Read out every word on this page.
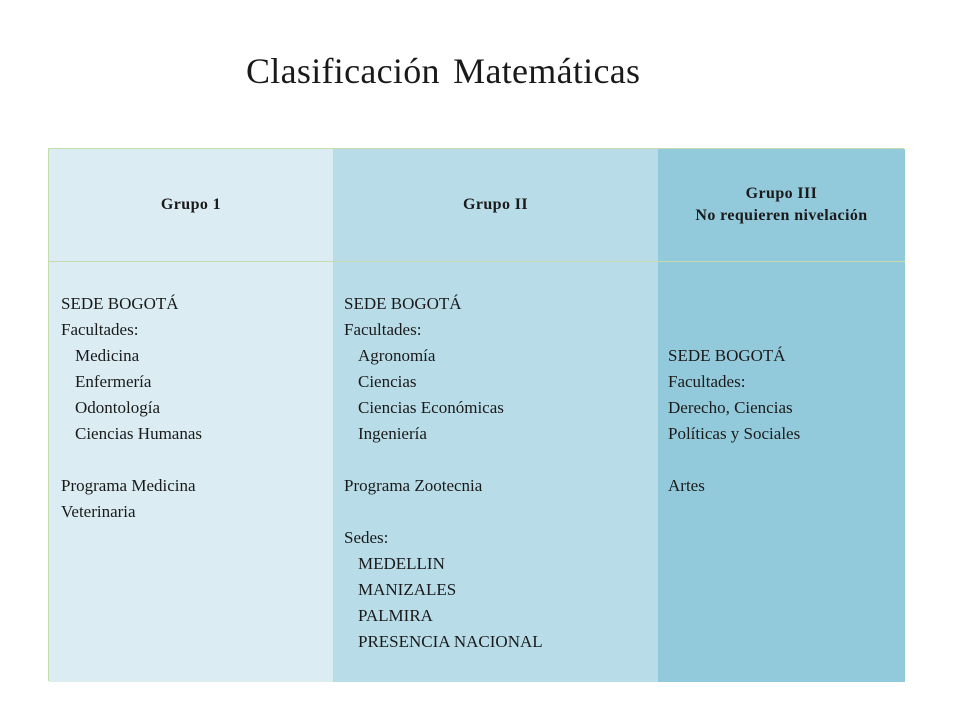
Clasificación Matemáticas
Grupo 1	Grupo II
Grupo III
No requieren nivelación
SEDE BOGOTÁ
Facultades:
Medicina
Enfermería
Odontología
Ciencias Humanas
Programa Medicina
Veterinaria
SEDE BOGOTÁ
Facultades:
Agronomía
Ciencias
Ciencias Económicas
Ingeniería
Programa Zootecnia
Sedes:
MEDELLIN
MANIZALES
PALMIRA
PRESENCIA NACIONAL
SEDE BOGOTÁ
Facultades:
Derecho, Ciencias
Políticas y Sociales
Artes
